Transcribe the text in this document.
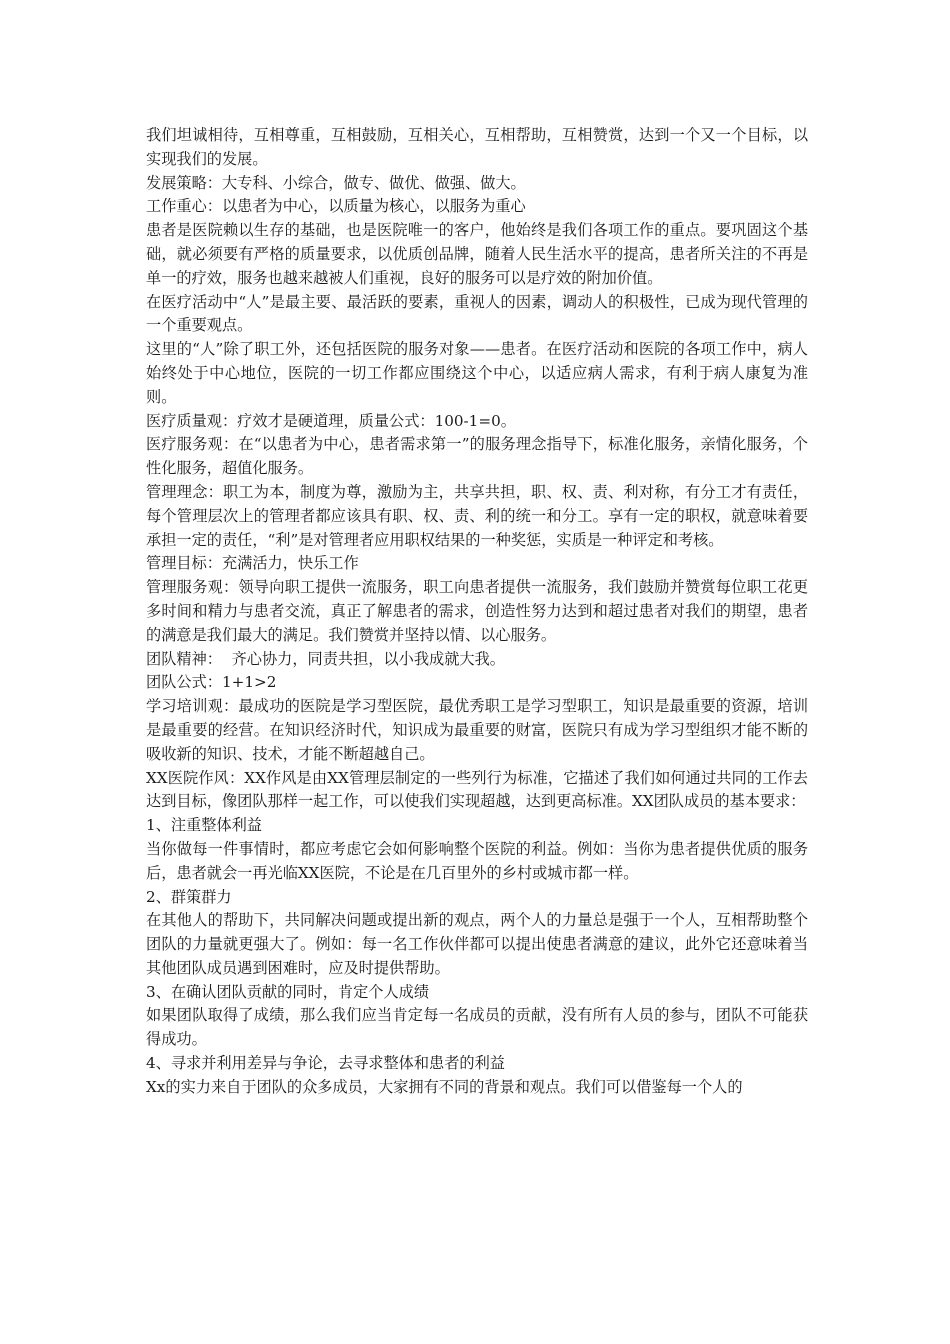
我们坦诚相待，互相尊重，互相鼓励，互相关心，互相帮助，互相赞赏，达到一个又一个目标，以实现我们的发展。

发展策略：大专科、小综合，做专、做优、做强、做大。

工作重心：以患者为中心，以质量为核心，以服务为重心

患者是医院赖以生存的基础，也是医院唯一的客户，他始终是我们各项工作的重点。要巩固这个基础，就必须要有严格的质量要求，以优质创品牌，随着人民生活水平的提高，患者所关注的不再是单一的疗效，服务也越来越被人们重视，良好的服务可以是疗效的附加价值。

在医疗活动中“人”是最主要、最活跃的要素，重视人的因素，调动人的积极性，已成为现代管理的一个重要观点。

这里的“人”除了职工外，还包括医院的服务对象——患者。在医疗活动和医院的各项工作中，病人始终处于中心地位，医院的一切工作都应围绕这个中心，以适应病人需求，有利于病人康复为准则。

医疗质量观：疗效才是硬道理，质量公式：100-1=0。

医疗服务观：在“以患者为中心，患者需求第一”的服务理念指导下，标准化服务，亲情化服务，个性化服务，超值化服务。

管理理念：职工为本，制度为尊，激励为主，共享共担，职、权、责、利对称，有分工才有责任，每个管理层次上的管理者都应该具有职、权、责、利的统一和分工。享有一定的职权，就意味着要承担一定的责任，“利”是对管理者应用职权结果的一种奖惩，实质是一种评定和考核。

管理目标：充满活力，快乐工作

管理服务观：领导向职工提供一流服务，职工向患者提供一流服务，我们鼓励并赞赏每位职工花更多时间和精力与患者交流，真正了解患者的需求，创造性努力达到和超过患者对我们的期望，患者的满意是我们最大的满足。我们赞赏并坚持以情、以心服务。

团队精神：  齐心协力，同责共担，以小我成就大我。

团队公式：1+1>2

学习培训观：最成功的医院是学习型医院，最优秀职工是学习型职工，知识是最重要的资源，培训是最重要的经营。在知识经济时代，知识成为最重要的财富，医院只有成为学习型组织才能不断的吸收新的知识、技术，才能不断超越自己。

XX医院作风：XX作风是由XX管理层制定的一些列行为标准，它描述了我们如何通过共同的工作去达到目标，像团队那样一起工作，可以使我们实现超越，达到更高标准。XX团队成员的基本要求：

1、注重整体利益

当你做每一件事情时，都应考虑它会如何影响整个医院的利益。例如：当你为患者提供优质的服务后，患者就会一再光临XX医院，不论是在几百里外的乡村或城市都一样。

2、群策群力

在其他人的帮助下，共同解决问题或提出新的观点，两个人的力量总是强于一个人，互相帮助整个团队的力量就更强大了。例如：每一名工作伙伴都可以提出使患者满意的建议，此外它还意味着当其他团队成员遇到困难时，应及时提供帮助。

3、在确认团队贡献的同时，肯定个人成绩

如果团队取得了成绩，那么我们应当肯定每一名成员的贡献，没有所有人员的参与，团队不可能获得成功。

4、寻求并利用差异与争论，去寻求整体和患者的利益

Xx的实力来自于团队的众多成员，大家拥有不同的背景和观点。我们可以借鉴每一个人的
